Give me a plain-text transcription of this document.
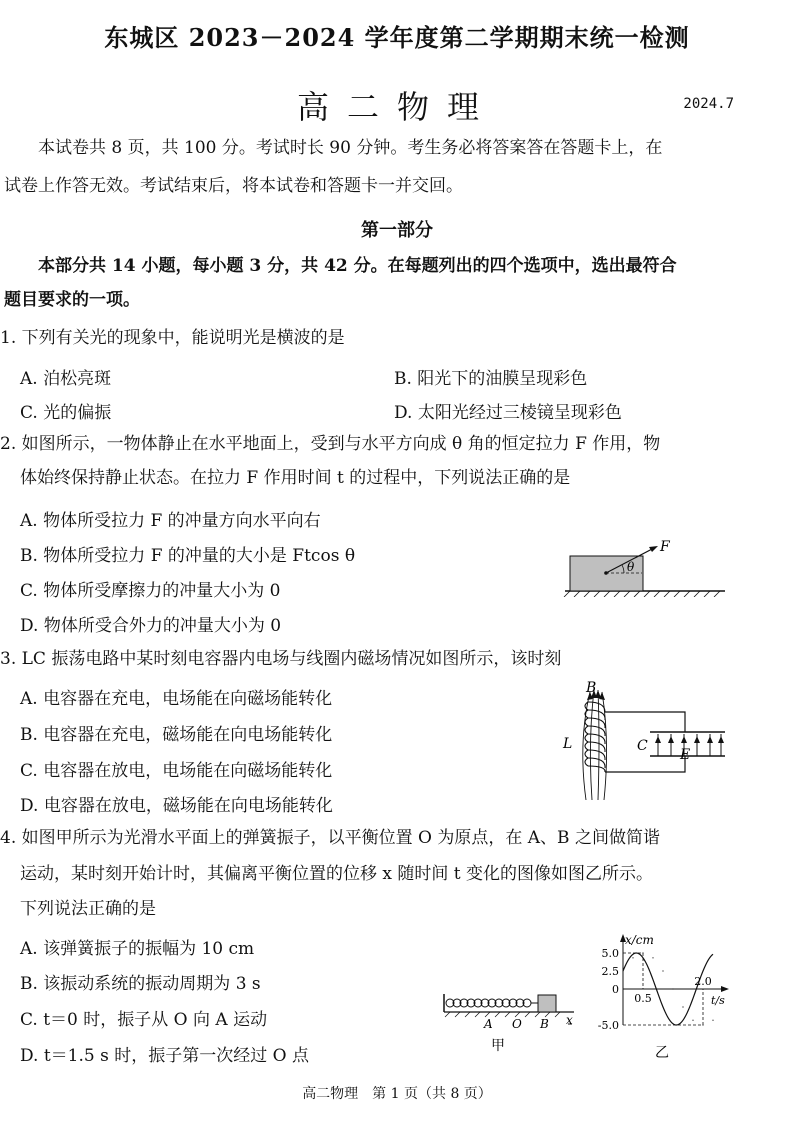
东城区 2023－2024 学年度第二学期期末统一检测
高二物理	2024.7
本试卷共 8 页，共 100 分。考试时长 90 分钟。考生务必将答案答在答题卡上，在
试卷上作答无效。考试结束后，将本试卷和答题卡一并交回。
第一部分
本部分共 14 小题，每小题 3 分，共 42 分。在每题列出的四个选项中，选出最符合
题目要求的一项。
1. 下列有关光的现象中，能说明光是横波的是
A. 泊松亮斑	B. 阳光下的油膜呈现彩色
C. 光的偏振	D. 太阳光经过三棱镜呈现彩色
2. 如图所示，一物体静止在水平地面上，受到与水平方向成 θ 角的恒定拉力 F 作用，物
体始终保持静止状态。在拉力 F 作用时间 t 的过程中，下列说法正确的是
A. 物体所受拉力 F 的冲量方向水平向右
B. 物体所受拉力 F 的冲量的大小是 Ftcos θ
C. 物体所受摩擦力的冲量大小为 0
D. 物体所受合外力的冲量大小为 0
F
θ
3. LC 振荡电路中某时刻电容器内电场与线圈内磁场情况如图所示，该时刻
A. 电容器在充电，电场能在向磁场能转化
B. 电容器在充电，磁场能在向电场能转化
C. 电容器在放电，电场能在向磁场能转化
D. 电容器在放电，磁场能在向电场能转化
B
L	C
E
4. 如图甲所示为光滑水平面上的弹簧振子，以平衡位置 O 为原点，在 A、B 之间做简谐
运动，某时刻开始计时，其偏离平衡位置的位移 x 随时间 t 变化的图像如图乙所示。
下列说法正确的是
A. 该弹簧振子的振幅为 10 cm
B. 该振动系统的振动周期为 3 s
C. t＝0 时，振子从 O 向 A 运动
D. t＝1.5 s 时，振子第一次经过 O 点
A O B x
甲
x/cm
t/s
5.0
2.5
0
-5.0
0.5
2.0
乙
高二物理　第 1 页（共 8 页）
